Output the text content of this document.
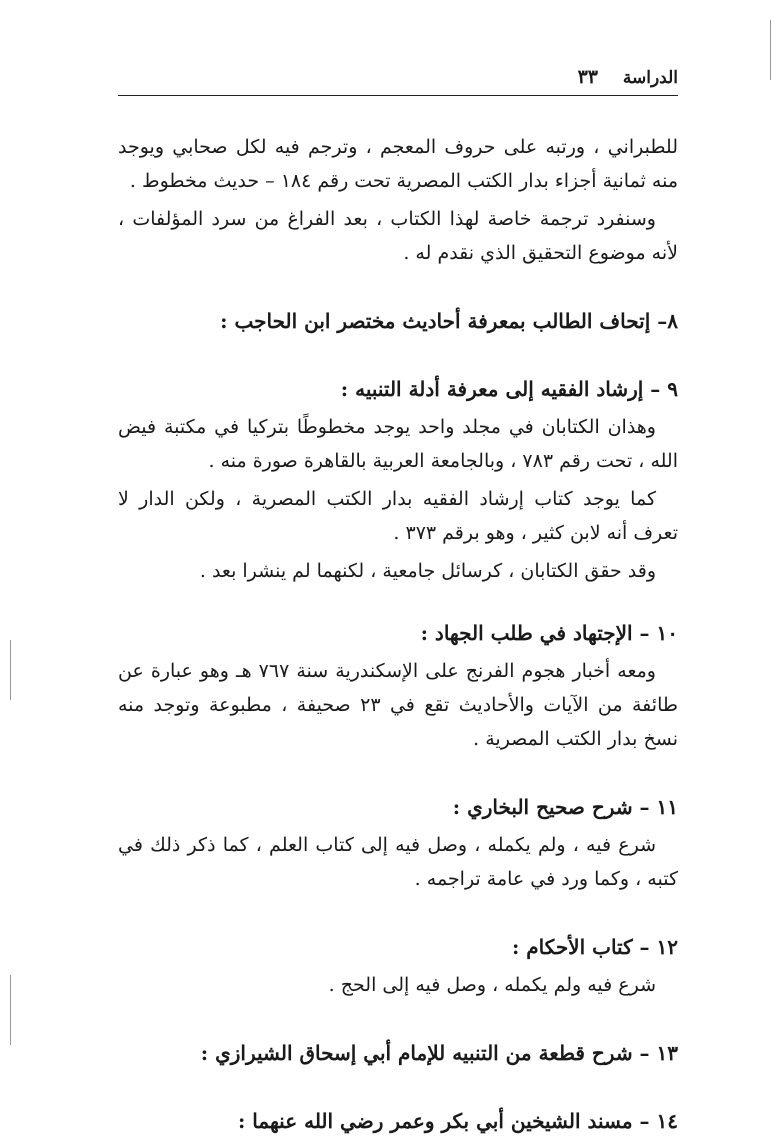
الدراسة
٣٣

للطبراني ، ورتبه على حروف المعجم ، وترجم فيه لكل صحابي ويوجد منه ثمانية أجزاء بدار الكتب المصرية تحت رقم ١٨٤ – حديث مخطوط .

وسنفرد ترجمة خاصة لهذا الكتاب ، بعد الفراغ من سرد المؤلفات ، لأنه موضوع التحقيق الذي نقدم له .

٨– إتحاف الطالب بمعرفة أحاديث مختصر ابن الحاجب :
٩ – إرشاد الفقيه إلى معرفة أدلة التنبيه :

وهذان الكتابان في مجلد واحد يوجد مخطوطًا بتركيا في مكتبة فيض الله ، تحت رقم ٧٨٣ ، وبالجامعة العربية بالقاهرة صورة منه .

كما يوجد كتاب إرشاد الفقيه بدار الكتب المصرية ، ولكن الدار لا تعرف أنه لابن كثير ، وهو برقم ٣٧٣ .

وقد حقق الكتابان ، كرسائل جامعية ، لكنهما لم ينشرا بعد .

١٠ – الإجتهاد في طلب الجهاد :

ومعه أخبار هجوم الفرنج على الإسكندرية سنة ٧٦٧ هـ وهو عبارة عن طائفة من الآيات والأحاديث تقع في ٢٣ صحيفة ، مطبوعة وتوجد منه نسخ بدار الكتب المصرية .

١١ – شرح صحيح البخاري :

شرع فيه ، ولم يكمله ، وصل فيه إلى كتاب العلم ، كما ذكر ذلك في كتبه ، وكما ورد في عامة تراجمه .

١٢ – كتاب الأحكام :

شرع فيه ولم يكمله ، وصل فيه إلى الحج .

١٣ – شرح قطعة من التنبيه للإمام أبي إسحاق الشيرازي :
١٤ – مسند الشيخين أبي بكر وعمر رضي الله عنهما :
